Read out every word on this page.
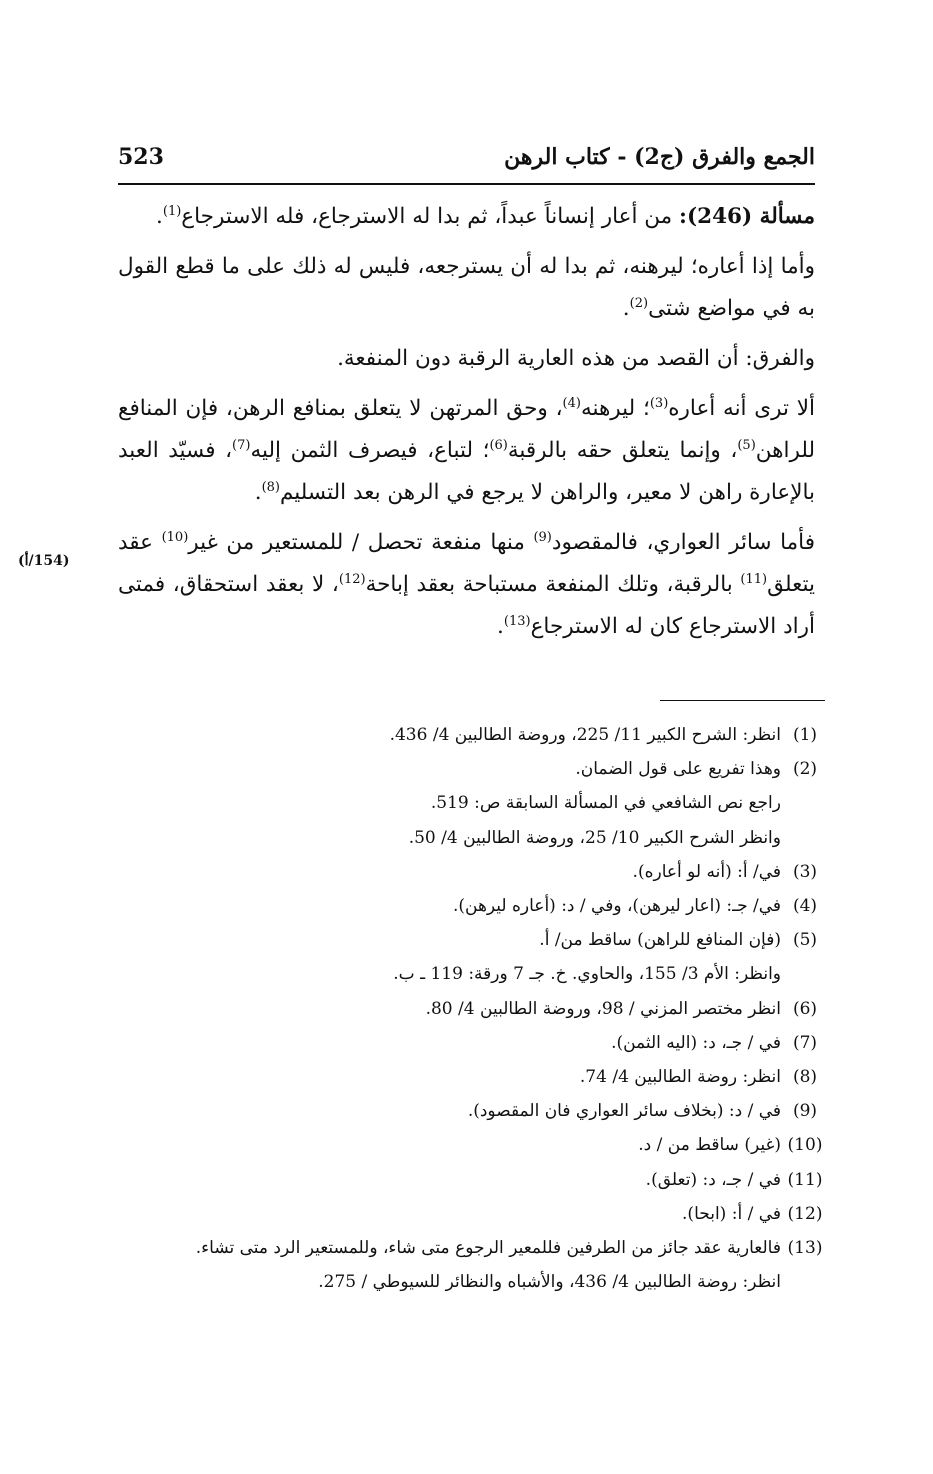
الجمع والفرق (ج2) - كتاب الرهن
523

مسألة (246): من أعار إنساناً عبداً، ثم بدا له الاسترجاع، فله الاسترجاع$^{(1)}$.

وأما إذا أعاره؛ ليرهنه، ثم بدا له أن يسترجعه، فليس له ذلك على ما قطع القول به في مواضع شتى$^{(2)}$.

والفرق: أن القصد من هذه العارية الرقبة دون المنفعة.

ألا ترى أنه أعاره$^{(3)}$؛ ليرهنه$^{(4)}$، وحق المرتهن لا يتعلق بمنافع الرهن، فإن المنافع للراهن$^{(5)}$، وإنما يتعلق حقه بالرقبة$^{(6)}$؛ لتباع، فيصرف الثمن إليه$^{(7)}$، فسيّد العبد بالإعارة راهن لا معير، والراهن لا يرجع في الرهن بعد التسليم$^{(8)}$.

فأما سائر العواري، فالمقصود$^{(9)}$ منها منفعة تحصل / للمستعير من غير$^{(10)}$ عقد يتعلق$^{(11)}$ بالرقبة، وتلك المنفعة مستباحة بعقد إباحة$^{(12)}$، لا بعقد استحقاق، فمتى أراد الاسترجاع كان له الاسترجاع$^{(13)}$.

(154/أ)
(1)
انظر: الشرح الكبير 11/ 225، وروضة الطالبين 4/ 436.
(2)
وهذا تفريع على قول الضمان.
راجع نص الشافعي في المسألة السابقة ص: 519.
وانظر الشرح الكبير 10/ 25، وروضة الطالبين 4/ 50.
(3)
في/ أ: (أنه لو أعاره).
(4)
في/ جـ: (اعار ليرهن)، وفي / د: (أعاره ليرهن).
(5)
(فإن المنافع للراهن) ساقط من/ أ.
وانظر: الأم 3/ 155، والحاوي. خ. جـ 7 ورقة: 119 ـ ب.
(6)
انظر مختصر المزني / 98، وروضة الطالبين 4/ 80.
(7)
في / جـ، د: (اليه الثمن).
(8)
انظر: روضة الطالبين 4/ 74.
(9)
في / د: (بخلاف سائر العواري فان المقصود).
(10)
(غير) ساقط من / د.
(11)
في / جـ، د: (تعلق).
(12)
في / أ: (ابحا).
(13)
فالعارية عقد جائز من الطرفين فللمعير الرجوع متى شاء، وللمستعير الرد متى تشاء.
انظر: روضة الطالبين 4/ 436، والأشباه والنظائر للسيوطي / 275.
